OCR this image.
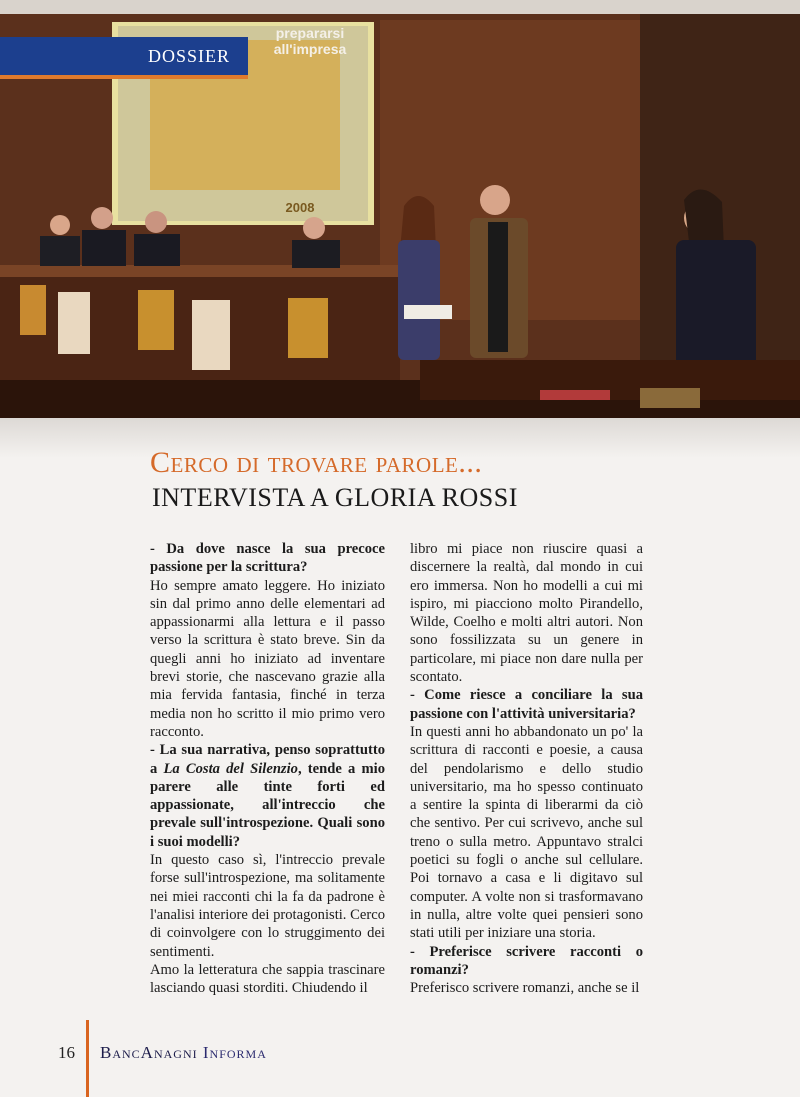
prepararsi
all'impresa
2008
DOSSIER
Cerco di trovare parole...
INTERVISTA A GLORIA ROSSI

- Da dove nasce la sua precoce passione per la scrittura?

Ho sempre amato leggere. Ho iniziato sin dal primo anno delle elementari ad appassionarmi alla lettura e il passo verso la scrittura è stato breve. Sin da quegli anni ho iniziato ad inventare brevi storie, che nascevano grazie alla mia fervida fantasia, finché in terza media non ho scritto il mio primo vero racconto.

- La sua narrativa, penso soprattutto a La Costa del Silenzio, tende a mio parere alle tinte forti ed appassionate, all'intreccio che prevale sull'introspezione. Quali sono i suoi modelli?

In questo caso sì, l'intreccio prevale forse sull'introspezione, ma solitamente nei miei racconti chi la fa da padrone è l'analisi interiore dei protagonisti. Cerco di coinvolgere con lo struggimento dei sentimenti.

Amo la letteratura che sappia trascinare lasciando quasi storditi. Chiudendo il

libro mi piace non riuscire quasi a discernere la realtà, dal mondo in cui ero immersa. Non ho modelli a cui mi ispiro, mi piacciono molto Pirandello, Wilde, Coelho e molti altri autori. Non sono fossilizzata su un genere in particolare, mi piace non dare nulla per scontato.

- Come riesce a conciliare la sua passione con l'attività universitaria?

In questi anni ho abbandonato un po' la scrittura di racconti e poesie, a causa del pendolarismo e dello studio universitario, ma ho spesso continuato a sentire la spinta di liberarmi da ciò che sentivo. Per cui scrivevo, anche sul treno o sulla metro. Appuntavo stralci poetici su fogli o anche sul cellulare. Poi tornavo a casa e li digitavo sul computer. A volte non si trasformavano in nulla, altre volte quei pensieri sono stati utili per iniziare una storia.

- Preferisce scrivere racconti o romanzi?

Preferisco scrivere romanzi, anche se il

16 BancAnagni Informa
